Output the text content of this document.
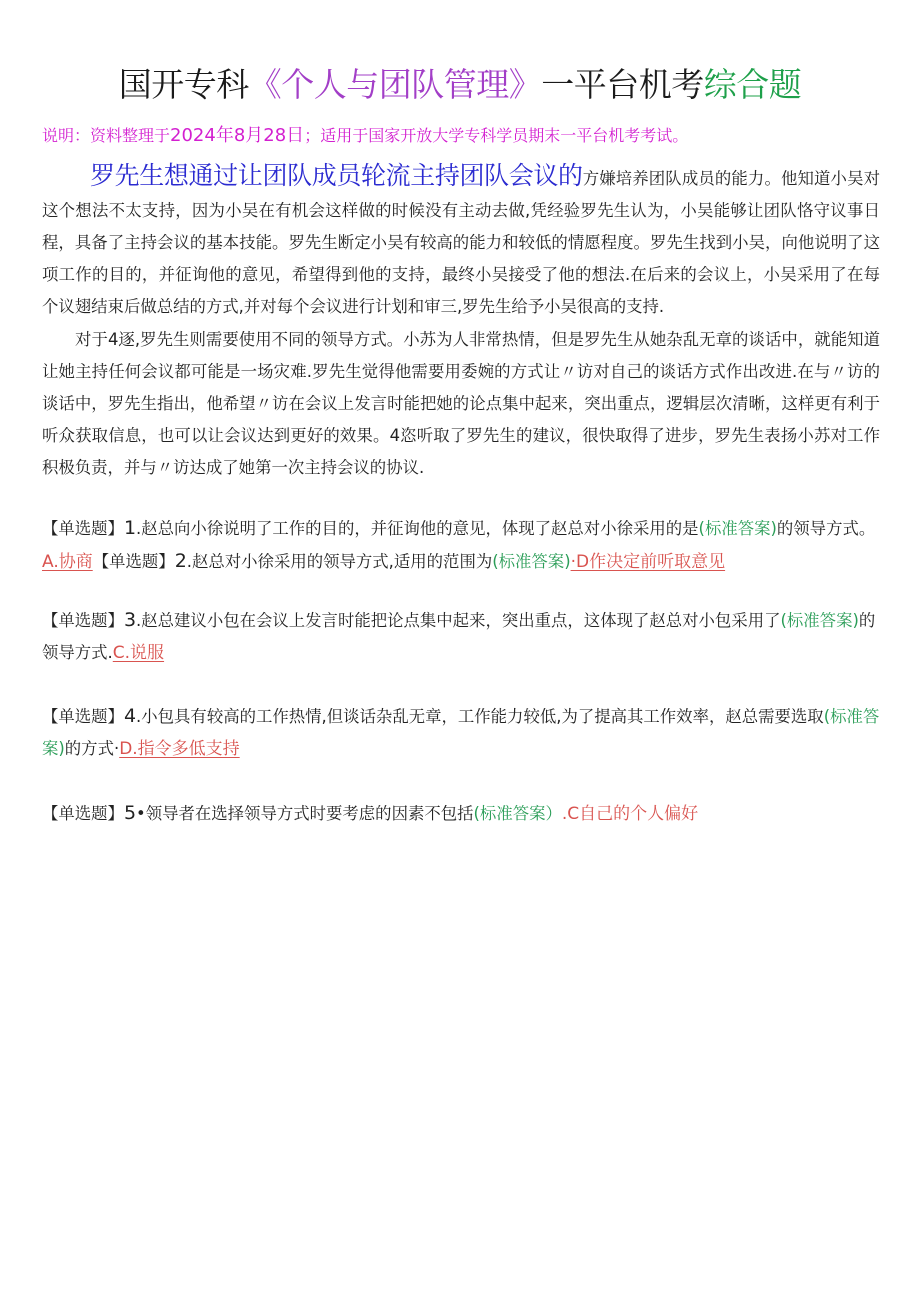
国开专科《个人与团队管理》一平台机考综合题
说明：资料整理于2024年8月28日；适用于国家开放大学专科学员期末一平台机考考试。
罗先生想通过让团队成员轮流主持团队会议的方嫌培养团队成员的能力。他知道小吴对这个想法不太支持，因为小吴在有机会这样做的时候没有主动去做,凭经验罗先生认为，小吴能够让团队恪守议事日程，具备了主持会议的基本技能。罗先生断定小吴有较高的能力和较低的情愿程度。罗先生找到小吴，向他说明了这项工作的目的，并征询他的意见，希望得到他的支持，最终小吴接受了他的想法.在后来的会议上，小吴采用了在每个议翅结束后做总结的方式,并对每个会议进行计划和审三,罗先生给予小吴很高的支持.
对于4逐,罗先生则需要使用不同的领导方式。小苏为人非常热情，但是罗先生从她杂乱无章的谈话中，就能知道让她主持任何会议都可能是一场灾难.罗先生觉得他需要用委婉的方式让〃访对自己的谈话方式作出改进.在与〃访的谈话中，罗先生指出，他希望〃访在会议上发言时能把她的论点集中起来，突出重点，逻辑层次清晰，这样更有利于听众获取信息，也可以让会议达到更好的效果。4恣听取了罗先生的建议，很快取得了进步，罗先生表扬小苏对工作积极负责，并与〃访达成了她第一次主持会议的协议.
【单选题】1.赵总向小徐说明了工作的目的，并征询他的意见，体现了赵总对小徐采用的是(标准答案)的领导方式。A.协商【单选题】2.赵总对小徐采用的领导方式,适用的范围为(标准答案)·D作决定前听取意见
【单选题】3.赵总建议小包在会议上发言时能把论点集中起来，突出重点，这体现了赵总对小包采用了(标准答案)的领导方式.C.说服
【单选题】4.小包具有较高的工作热情,但谈话杂乱无章，工作能力较低,为了提高其工作效率，赵总需要选取(标准答案)的方式·D.指令多低支持
【单选题】5•领导者在选择领导方式时要考虑的因素不包括(标准答案）.C自己的个人偏好
